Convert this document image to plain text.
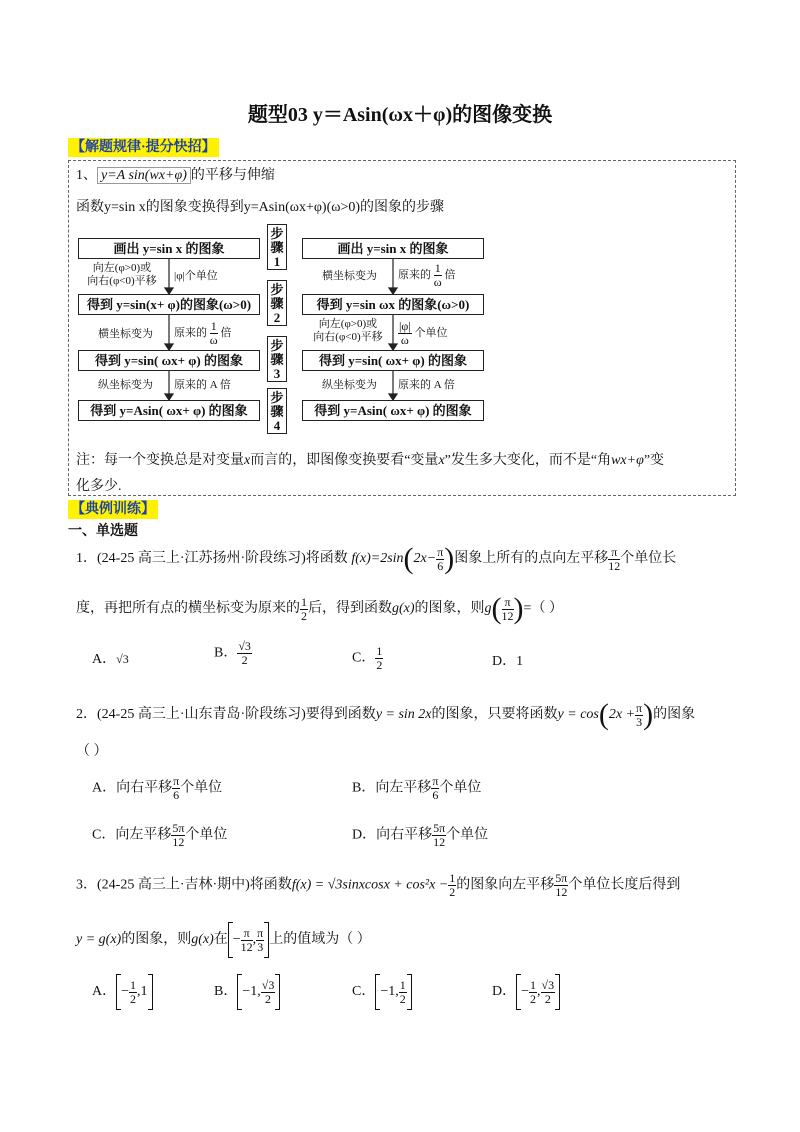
题型03 y＝Asin(ωx＋φ)的图像变换
【解题规律·提分快招】
1、 y=A sin(wx+φ) 的平移与伸缩
函数y=sin x的图象变换得到y=Asin(ωx+φ)(ω>0)的图象的步骤
画出 y=sin x 的图象
得到 y=sin(x+ φ)的图象(ω>0)
得到 y=sin( ωx+ φ) 的图象
得到 y=Asin( ωx+ φ) 的图象
画出 y=sin x 的图象
得到 y=sin ωx 的图象(ω>0)
得到 y=sin( ωx+ φ) 的图象
得到 y=Asin( ωx+ φ) 的图象
步骤1
步骤2
步骤3
步骤4
向左(φ>0)或
向右(φ<0)平移	|φ|个单位
横坐标变为 原来的 $\frac{1}{\omega}$ 倍
纵坐标变为 原来的 A 倍
横坐标变为 原来的 $\frac{1}{\omega}$ 倍
向左(φ>0)或
向右(φ<0)平移	$\frac{|\varphi|}{\omega}$ 个单位
纵坐标变为 原来的 A 倍
注：每一个变换总是对变量x而言的，即图像变换要看“变量x”发生多大变化，而不是“角wx+φ”变
化多少.
【典例训练】
一、单选题
1．(24-25 高三上·江苏扬州·阶段练习)将函数 $f(x)=2\sin(2x- \frac{\pi}{6}$ )图象上所有的点向左平移 $\frac{\pi}{12}$ 个单位长
度，再把所有点的横坐标变为原来的 $\frac{1}{2}$ 后，得到函数g(x)的图象，则$g( \frac{\pi}{12}$ )=（ ）
A．√3	B． $\frac{√3}{2}$	C． $\frac{1}{2}$	D．1
2．(24-25 高三上·山东青岛·阶段练习)要得到函数y = sin 2x的图象，只要将函数$y = \cos(2x + \frac{\pi}{3}$ )的图象
（ ）
A．向右平移 $\frac{\pi}{6}$ 个单位	B．向左平移 $\frac{\pi}{6}$ 个单位
C．向左平移 $\frac{5\pi}{12}$ 个单位	D．向右平移 $\frac{5\pi}{12}$ 个单位
3．(24-25 高三上·吉林·期中)将函数f(x) = √3sinxcosx + $\cos^2x - \frac{1}{2}$ 的图象向左平移 $\frac{5\pi}{12}$ 个单位长度后得到
y = g(x)的图象，则g(x)在 − $\frac{\pi}{12}$ , $\frac{\pi}{3}$ 上的值域为（ ）
A． − $\frac{1}{2} ,1$	B． −1, $\frac{√3}{2}$	C． −1, $\frac{1}{2}$	D． − $\frac{1}{2}$ , $\frac{√3}{2}$
